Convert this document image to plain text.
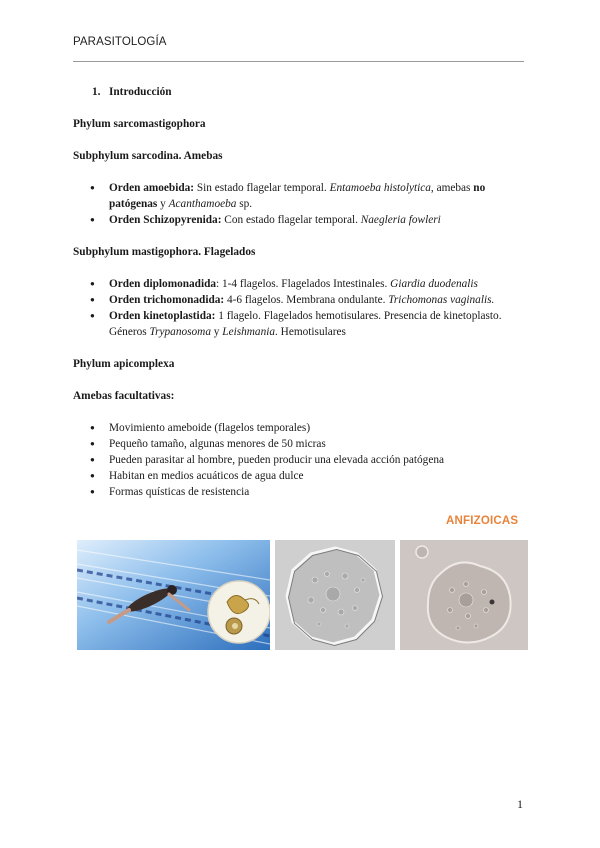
PARASITOLOGÍA

1. Introducción

Phylum sarcomastigophora

Subphylum sarcodina. Amebas

● Orden amoebida: Sin estado flagelar temporal. Entamoeba histolytica, amebas no patógenas y Acanthamoeba sp.
● Orden Schizopyrenida: Con estado flagelar temporal. Naegleria fowleri

Subphylum mastigophora. Flagelados

● Orden diplomonadida: 1-4 flagelos. Flagelados Intestinales. Giardia duodenalis
● Orden trichomonadida: 4-6 flagelos. Membrana ondulante. Trichomonas vaginalis.
● Orden kinetoplastida: 1 flagelo. Flagelados hemotisulares. Presencia de kinetoplasto. Géneros Trypanosoma y Leishmania. Hemotisulares

Phylum apicomplexa

Amebas facultativas:

● Movimiento ameboide (flagelos temporales)
● Pequeño tamaño, algunas menores de 50 micras
● Pueden parasitar al hombre, pueden producir una elevada acción patógena
● Habitan en medios acuáticos de agua dulce
● Formas quísticas de resistencia
ANFIZOICAS
1
